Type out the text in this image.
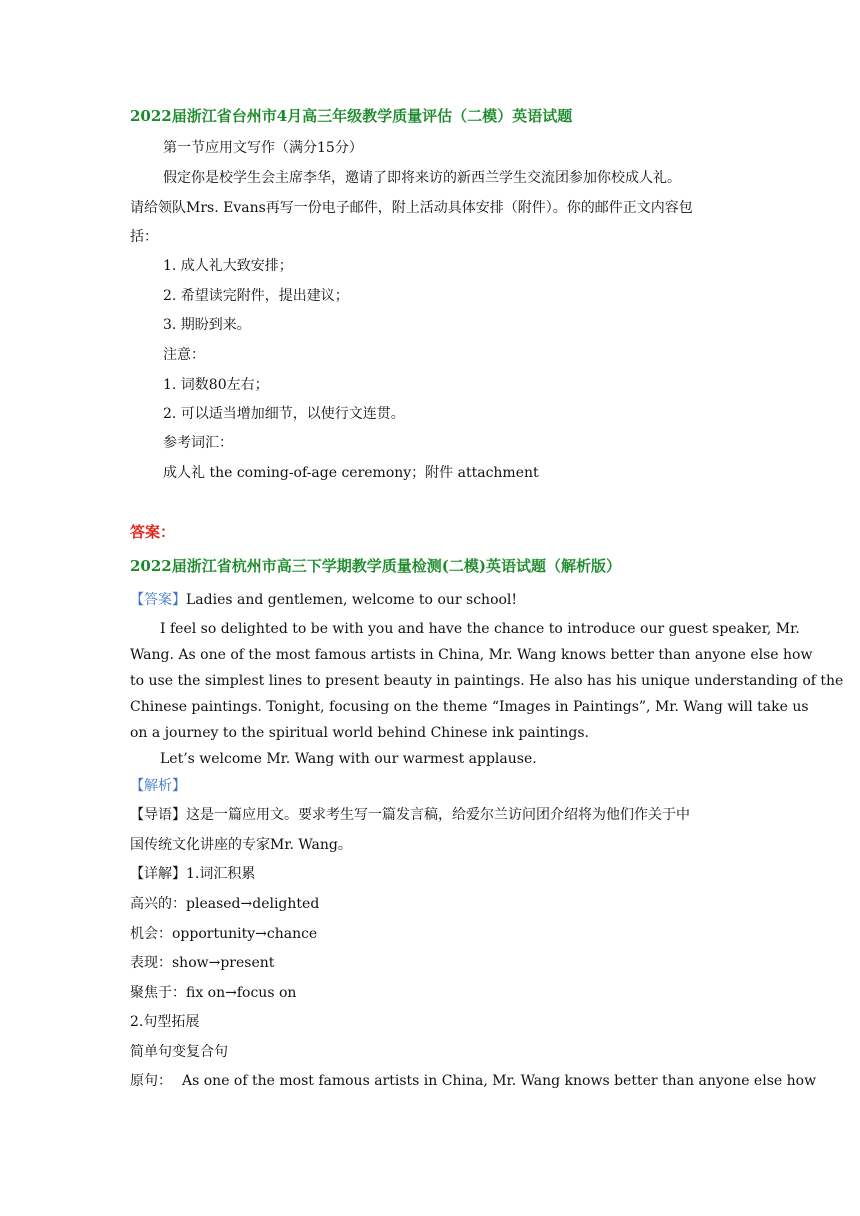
2022届浙江省台州市4月高三年级教学质量评估（二模）英语试题
第一节应用文写作（满分15分）
假定你是校学生会主席李华，邀请了即将来访的新西兰学生交流团参加你校成人礼。
请给领队Mrs. Evans再写一份电子邮件，附上活动具体安排（附件）。你的邮件正文内容包
括：
1. 成人礼大致安排；
2. 希望读完附件，提出建议；
3. 期盼到来。
注意：
1. 词数80左右；
2. 可以适当增加细节，以使行文连贯。
参考词汇：
成人礼 the coming-of-age ceremony；附件 attachment
答案：
2022届浙江省杭州市高三下学期教学质量检测(二模)英语试题（解析版）
【答案】Ladies and gentlemen, welcome to our school!
I feel so delighted to be with you and have the chance to introduce our guest speaker, Mr.
Wang. As one of the most famous artists in China, Mr. Wang knows better than anyone else how
to use the simplest lines to present beauty in paintings. He also has his unique understanding of the
Chinese paintings. Tonight, focusing on the theme “Images in Paintings”, Mr. Wang will take us
on a journey to the spiritual world behind Chinese ink paintings.
Let’s welcome Mr. Wang with our warmest applause.
【解析】
【导语】这是一篇应用文。要求考生写一篇发言稿，给爱尔兰访问团介绍将为他们作关于中
国传统文化讲座的专家Mr. Wang。
【详解】1.词汇积累
高兴的：pleased→delighted
机会：opportunity→chance
表现：show→present
聚焦于：fix on→focus on
2.句型拓展
简单句变复合句
原句： As one of the most famous artists in China, Mr. Wang knows better than anyone else how
